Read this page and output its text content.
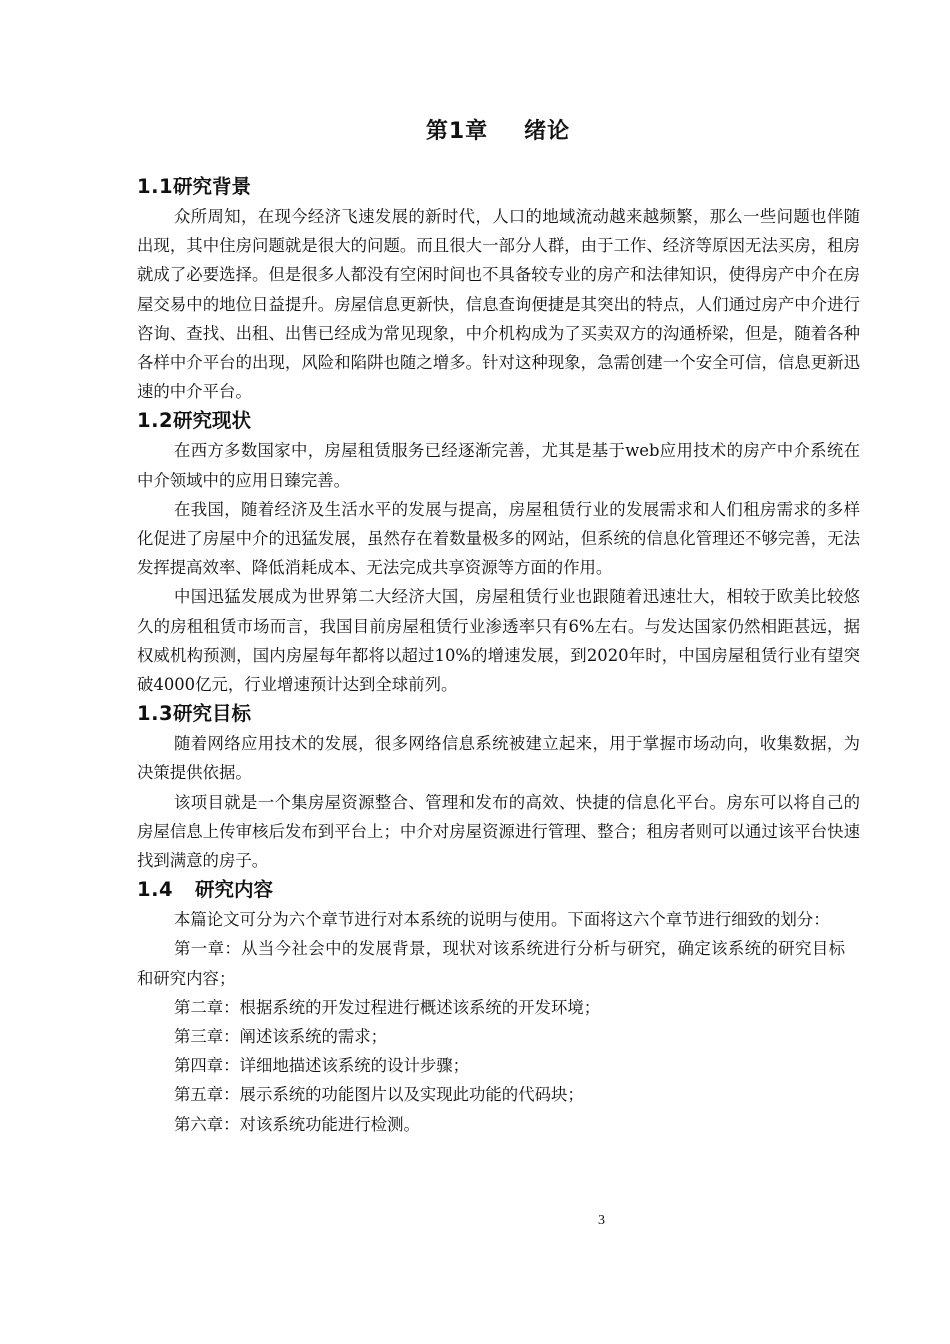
第1章 绪论
1.1研究背景

众所周知，在现今经济飞速发展的新时代，人口的地域流动越来越频繁，那么一些问题也伴随出现，其中住房问题就是很大的问题。而且很大一部分人群，由于工作、经济等原因无法买房，租房就成了必要选择。但是很多人都没有空闲时间也不具备较专业的房产和法律知识，使得房产中介在房屋交易中的地位日益提升。房屋信息更新快，信息查询便捷是其突出的特点，人们通过房产中介进行咨询、查找、出租、出售已经成为常见现象，中介机构成为了买卖双方的沟通桥梁，但是，随着各种各样中介平台的出现，风险和陷阱也随之增多。针对这种现象，急需创建一个安全可信，信息更新迅速的中介平台。

1.2研究现状

在西方多数国家中，房屋租赁服务已经逐渐完善，尤其是基于web应用技术的房产中介系统在中介领域中的应用日臻完善。

在我国，随着经济及生活水平的发展与提高，房屋租赁行业的发展需求和人们租房需求的多样化促进了房屋中介的迅猛发展，虽然存在着数量极多的网站，但系统的信息化管理还不够完善，无法发挥提高效率、降低消耗成本、无法完成共享资源等方面的作用。

中国迅猛发展成为世界第二大经济大国，房屋租赁行业也跟随着迅速壮大，相较于欧美比较悠久的房租租赁市场而言，我国目前房屋租赁行业渗透率只有6%左右。与发达国家仍然相距甚远，据权威机构预测，国内房屋每年都将以超过10%的增速发展，到2020年时，中国房屋租赁行业有望突破4000亿元，行业增速预计达到全球前列。

1.3研究目标

随着网络应用技术的发展，很多网络信息系统被建立起来，用于掌握市场动向，收集数据，为决策提供依据。

该项目就是一个集房屋资源整合、管理和发布的高效、快捷的信息化平台。房东可以将自己的房屋信息上传审核后发布到平台上；中介对房屋资源进行管理、整合；租房者则可以通过该平台快速找到满意的房子。

1.4 研究内容

本篇论文可分为六个章节进行对本系统的说明与使用。下面将这六个章节进行细致的划分：

第一章：从当今社会中的发展背景，现状对该系统进行分析与研究，确定该系统的研究目标和研究内容；

第二章：根据系统的开发过程进行概述该系统的开发环境；

第三章：阐述该系统的需求；

第四章：详细地描述该系统的设计步骤；

第五章：展示系统的功能图片以及实现此功能的代码块；

第六章：对该系统功能进行检测。

3
